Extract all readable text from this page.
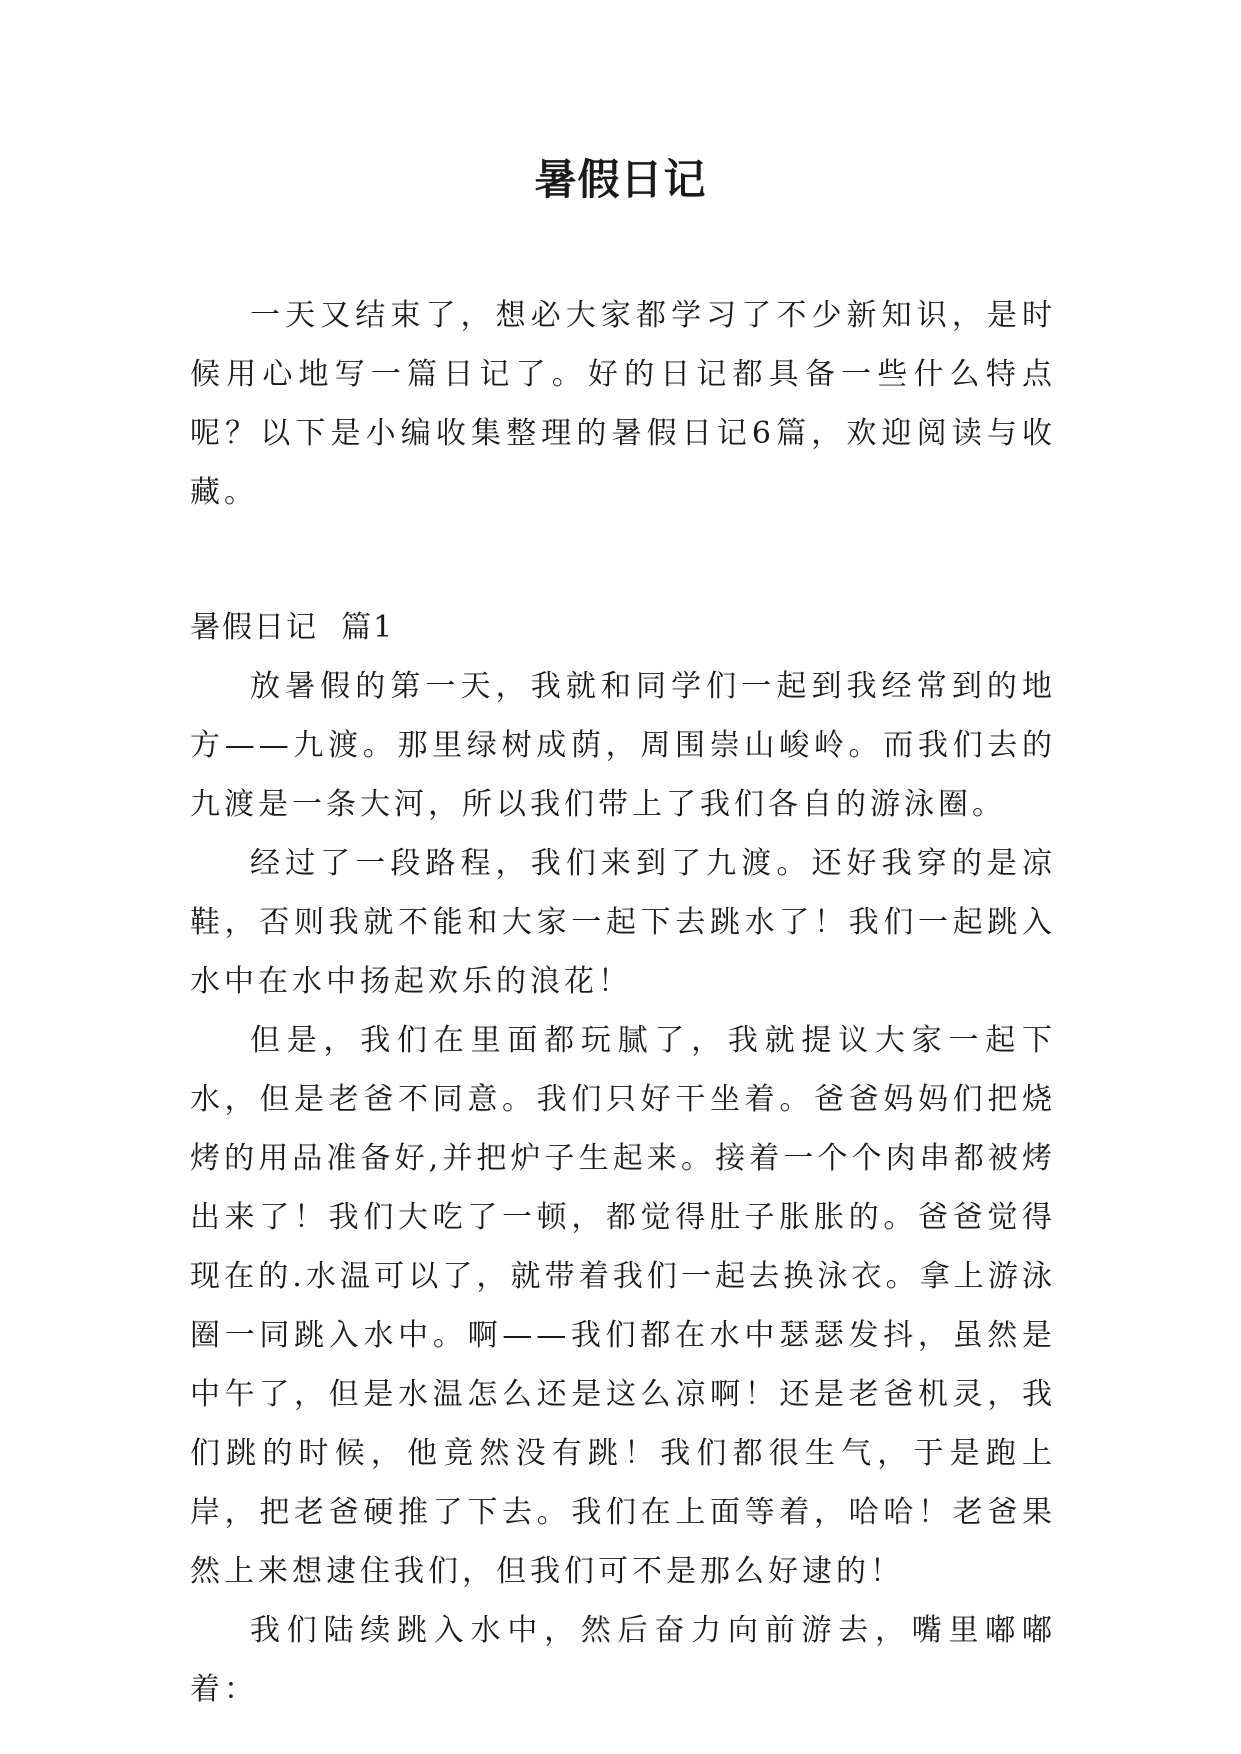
暑假日记

一天又结束了，想必大家都学习了不少新知识，是时候用心地写一篇日记了。好的日记都具备一些什么特点呢？以下是小编收集整理的暑假日记6篇，欢迎阅读与收藏。

暑假日记  篇1

放暑假的第一天，我就和同学们一起到我经常到的地方——九渡。那里绿树成荫，周围崇山峻岭。而我们去的九渡是一条大河，所以我们带上了我们各自的游泳圈。

经过了一段路程，我们来到了九渡。还好我穿的是凉鞋，否则我就不能和大家一起下去跳水了！我们一起跳入水中在水中扬起欢乐的浪花！

但是，我们在里面都玩腻了，我就提议大家一起下水，但是老爸不同意。我们只好干坐着。爸爸妈妈们把烧烤的用品准备好,并把炉子生起来。接着一个个肉串都被烤出来了！我们大吃了一顿，都觉得肚子胀胀的。爸爸觉得现在的.水温可以了，就带着我们一起去换泳衣。拿上游泳圈一同跳入水中。啊——我们都在水中瑟瑟发抖，虽然是中午了，但是水温怎么还是这么凉啊！还是老爸机灵，我们跳的时候，他竟然没有跳！我们都很生气，于是跑上岸，把老爸硬推了下去。我们在上面等着，哈哈！老爸果然上来想逮住我们，但我们可不是那么好逮的！

我们陆续跳入水中，然后奋力向前游去，嘴里嘟嘟着：
